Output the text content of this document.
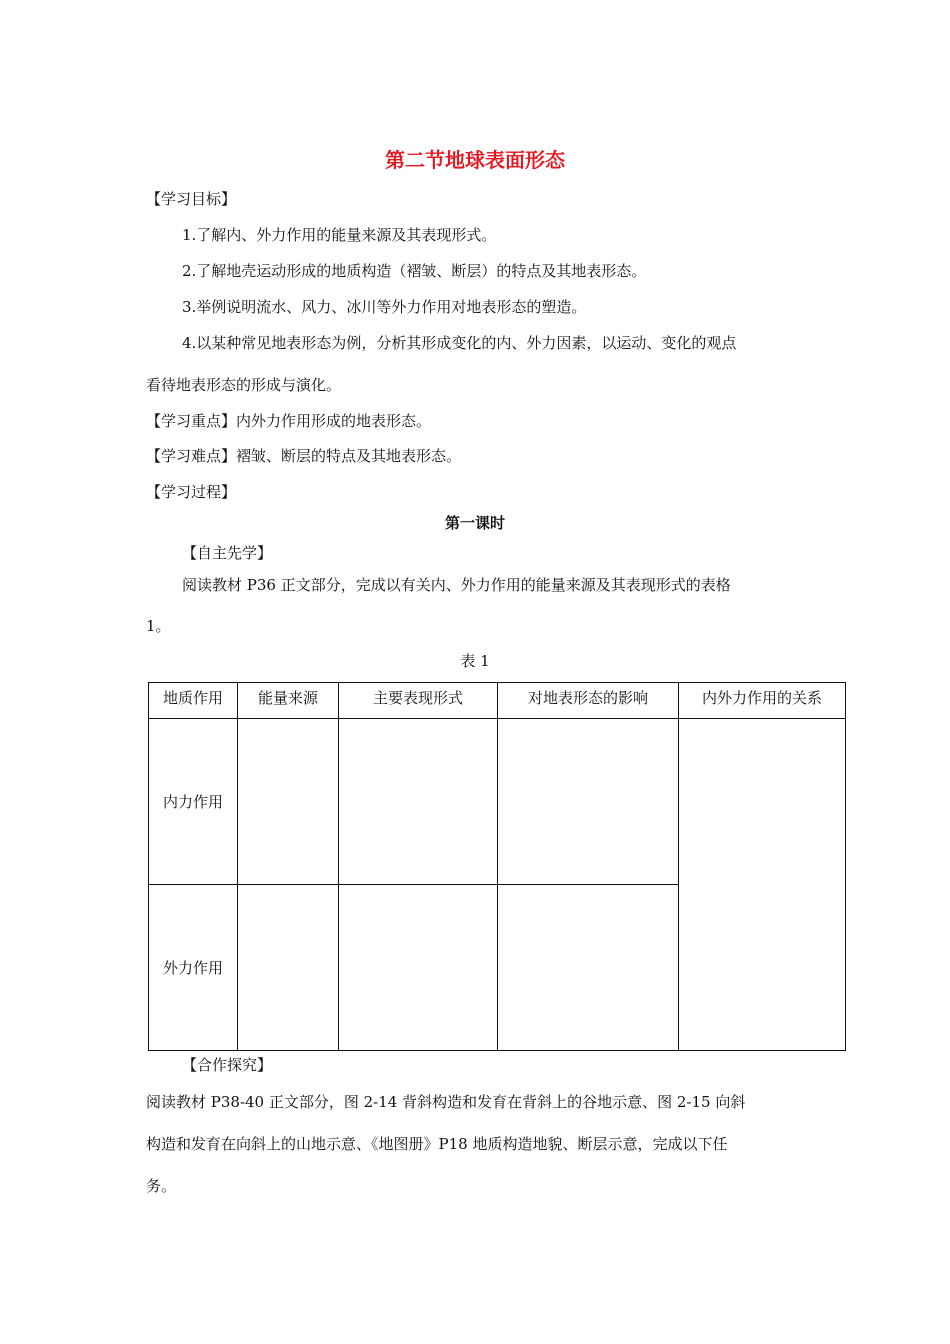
第二节地球表面形态
【学习目标】
1.了解内、外力作用的能量来源及其表现形式。
2.了解地壳运动形成的地质构造（褶皱、断层）的特点及其地表形态。
3.举例说明流水、风力、冰川等外力作用对地表形态的塑造。
4.以某种常见地表形态为例，分析其形成变化的内、外力因素，以运动、变化的观点
看待地表形态的形成与演化。
【学习重点】内外力作用形成的地表形态。
【学习难点】褶皱、断层的特点及其地表形态。
【学习过程】
第一课时
【自主先学】
阅读教材 P36 正文部分，完成以有关内、外力作用的能量来源及其表现形式的表格
1。
表 1
地质作用	能量来源	主要表现形式	对地表形态的影响	内外力作用的关系
内力作用				
外力作用				
【合作探究】
阅读教材 P38-40 正文部分，图 2-14 背斜构造和发育在背斜上的谷地示意、图 2-15 向斜
构造和发育在向斜上的山地示意、《地图册》P18 地质构造地貌、断层示意，完成以下任
务。
